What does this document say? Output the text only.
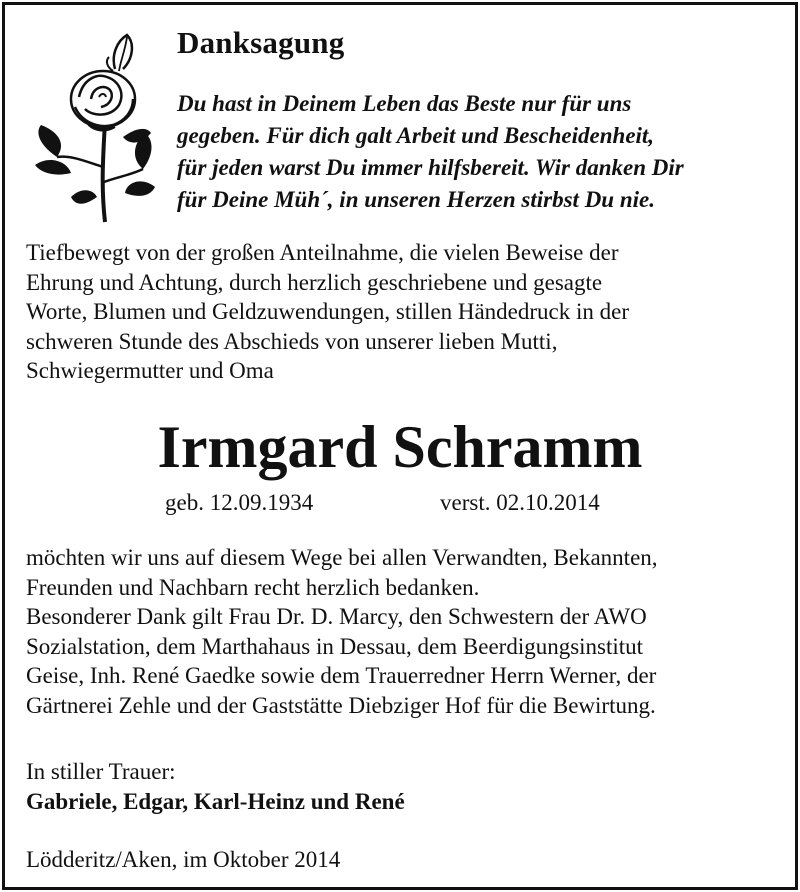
Danksagung
Du hast in Deinem Leben das Beste nur für uns
gegeben. Für dich galt Arbeit und Bescheidenheit,
für jeden warst Du immer hilfsbereit. Wir danken Dir
für Deine Müh´, in unseren Herzen stirbst Du nie.
Tiefbewegt von der großen Anteilnahme, die vielen Beweise der
Ehrung und Achtung, durch herzlich geschriebene und gesagte
Worte, Blumen und Geldzuwendungen, stillen Händedruck in der
schweren Stunde des Abschieds von unserer lieben Mutti,
Schwiegermutter und Oma
Irmgard Schramm
geb. 12.09.1934	verst. 02.10.2014
möchten wir uns auf diesem Wege bei allen Verwandten, Bekannten,
Freunden und Nachbarn recht herzlich bedanken.
Besonderer Dank gilt Frau Dr. D. Marcy, den Schwestern der AWO
Sozialstation, dem Marthahaus in Dessau, dem Beerdigungsinstitut
Geise, Inh. René Gaedke sowie dem Trauerredner Herrn Werner, der
Gärtnerei Zehle und der Gaststätte Diebziger Hof für die Bewirtung.
In stiller Trauer:
Gabriele, Edgar, Karl-Heinz und René
Lödderitz/Aken, im Oktober 2014
